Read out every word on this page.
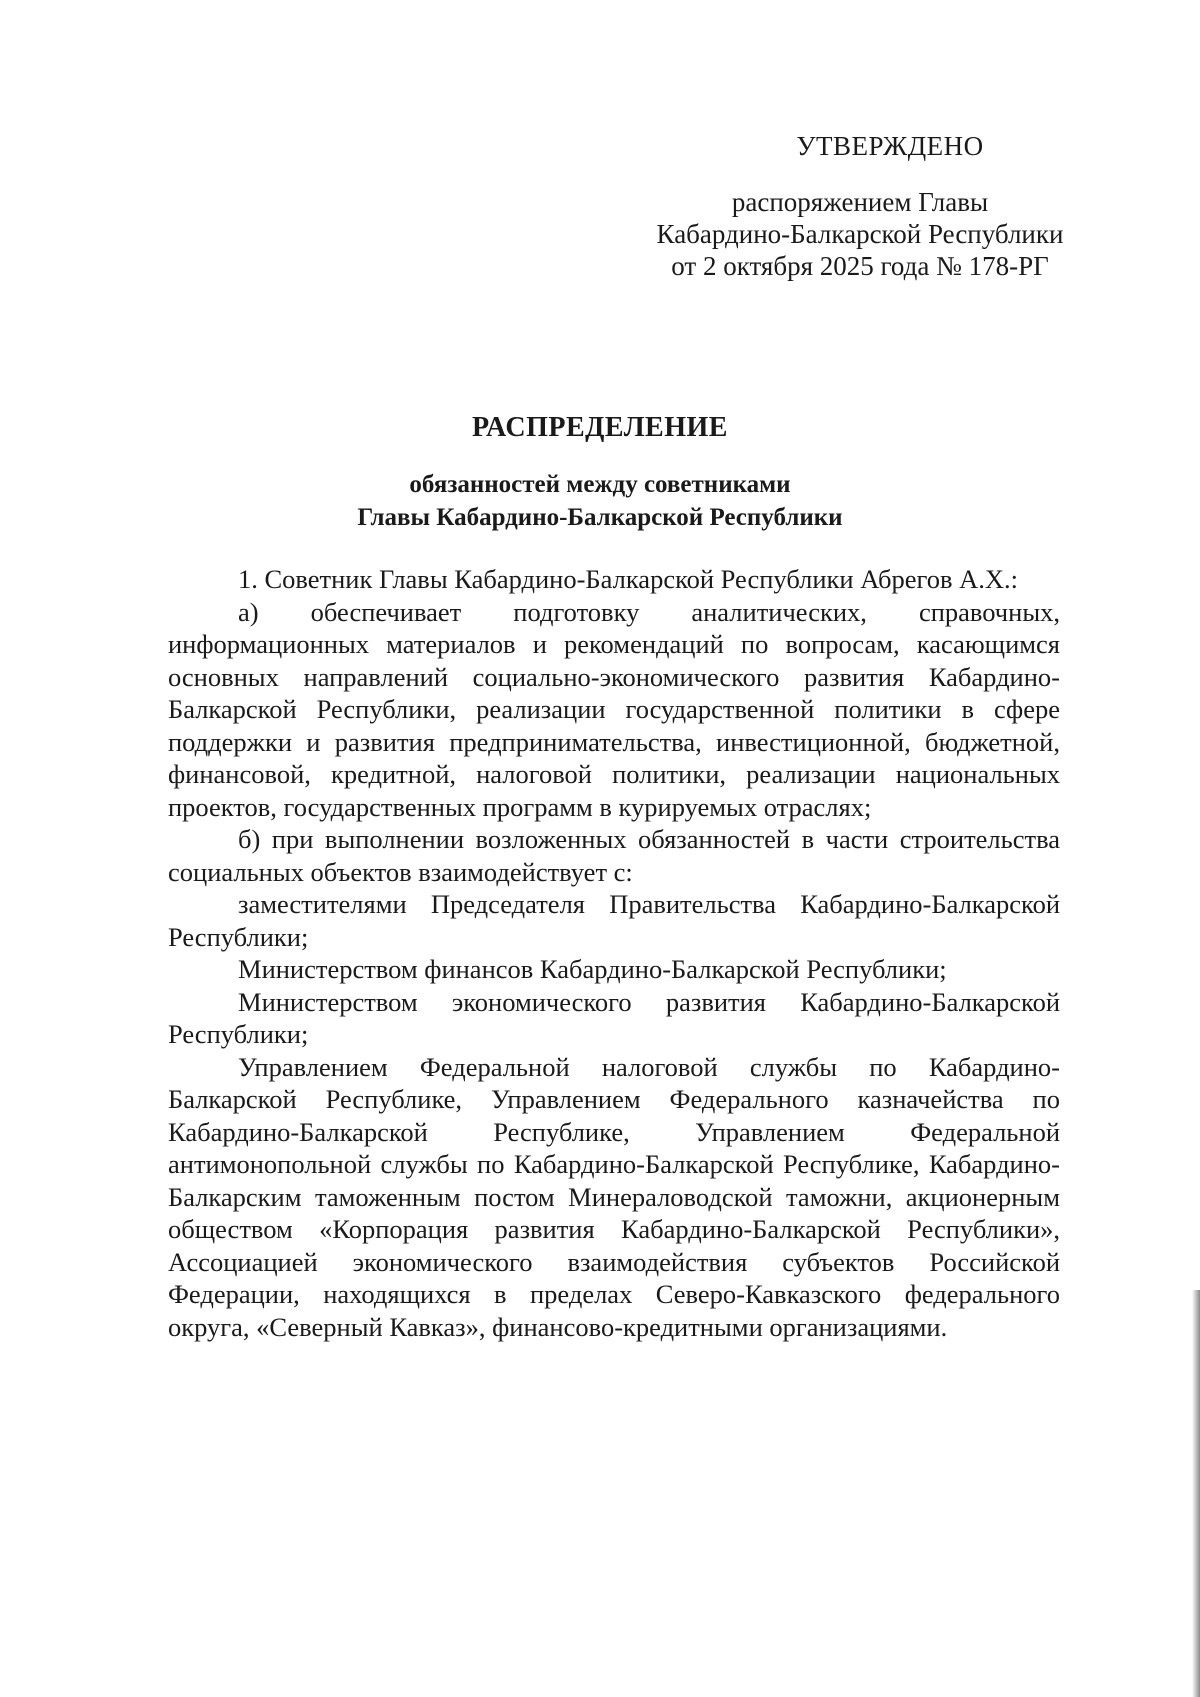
УТВЕРЖДЕНО
распоряжением Главы
Кабардино-Балкарской Республики
от 2 октября 2025 года № 178-РГ
РАСПРЕДЕЛЕНИЕ
обязанностей между советниками
Главы Кабардино-Балкарской Республики

1. Советник Главы Кабардино-Балкарской Республики Абрегов А.Х.:

а) обеспечивает подготовку аналитических, справочных, информационных материалов и рекомендаций по вопросам, касающимся основных направлений социально-экономического развития Кабардино-Балкарской Республики, реализации государственной политики в сфере поддержки и развития предпринимательства, инвестиционной, бюджетной, финансовой, кредитной, налоговой политики, реализации национальных проектов, государственных программ в курируемых отраслях;

б) при выполнении возложенных обязанностей в части строительства социальных объектов взаимодействует с:

заместителями Председателя Правительства Кабардино-Балкарской Республики;

Министерством финансов Кабардино-Балкарской Республики;

Министерством экономического развития Кабардино-Балкарской Республики;

Управлением Федеральной налоговой службы по Кабардино-Балкарской Республике, Управлением Федерального казначейства по Кабардино-Балкарской Республике, Управлением Федеральной антимонопольной службы по Кабардино-Балкарской Республике, Кабардино-Балкарским таможенным постом Минераловодской таможни, акционерным обществом «Корпорация развития Кабардино-Балкарской Республики», Ассоциацией экономического взаимодействия субъектов Российской Федерации, находящихся в пределах Северо-Кавказского федерального округа, «Северный Кавказ», финансово-кредитными организациями.
